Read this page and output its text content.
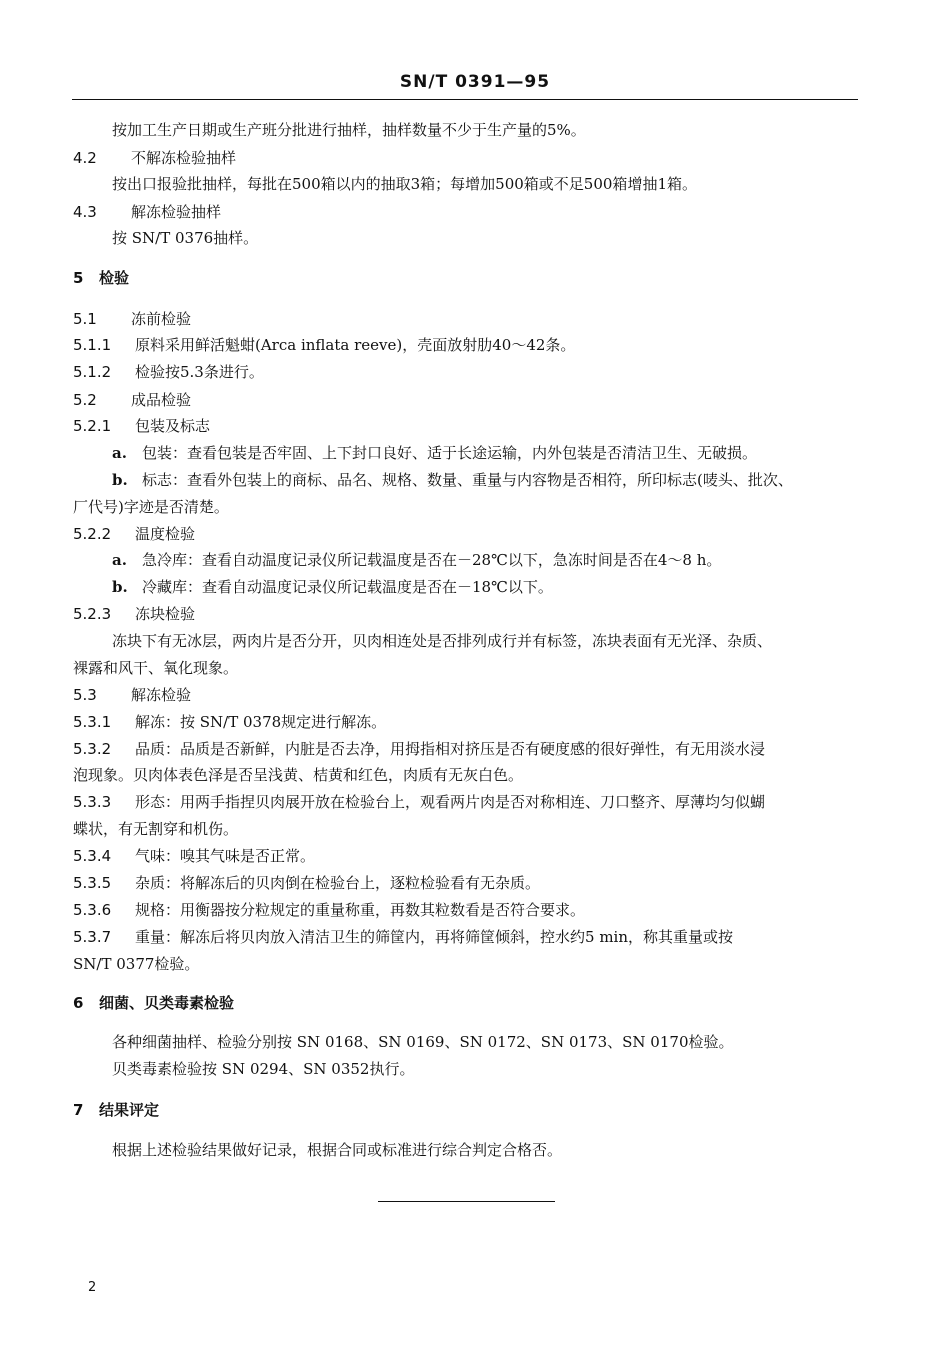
SN/T 0391—95
按加工生产日期或生产班分批进行抽样，抽样数量不少于生产量的5%。
4.2 不解冻检验抽样
按出口报验批抽样，每批在500箱以内的抽取3箱；每增加500箱或不足500箱增抽1箱。
4.3 解冻检验抽样
按 SN/T 0376抽样。
5 检验
5.1 冻前检验
5.1.1 原料采用鲜活魁蚶(Arca inflata reeve)，壳面放射肋40～42条。
5.1.2 检验按5.3条进行。
5.2 成品检验
5.2.1 包装及标志
a. 包装：查看包装是否牢固、上下封口良好、适于长途运输，内外包装是否清洁卫生、无破损。
b. 标志：查看外包装上的商标、品名、规格、数量、重量与内容物是否相符，所印标志(唛头、批次、
厂代号)字迹是否清楚。
5.2.2 温度检验
a. 急冷库：查看自动温度记录仪所记载温度是否在－28℃以下，急冻时间是否在4～8 h。
b. 冷藏库：查看自动温度记录仪所记载温度是否在－18℃以下。
5.2.3 冻块检验
冻块下有无冰层，两肉片是否分开，贝肉相连处是否排列成行并有标签，冻块表面有无光泽、杂质、
裸露和风干、氧化现象。
5.3 解冻检验
5.3.1 解冻：按 SN/T 0378规定进行解冻。
5.3.2 品质：品质是否新鲜，内脏是否去净，用拇指相对挤压是否有硬度感的很好弹性，有无用淡水浸
泡现象。贝肉体表色泽是否呈浅黄、桔黄和红色，肉质有无灰白色。
5.3.3 形态：用两手指捏贝肉展开放在检验台上，观看两片肉是否对称相连、刀口整齐、厚薄均匀似蝴
蝶状，有无割穿和机伤。
5.3.4 气味：嗅其气味是否正常。
5.3.5 杂质：将解冻后的贝肉倒在检验台上，逐粒检验看有无杂质。
5.3.6 规格：用衡器按分粒规定的重量称重，再数其粒数看是否符合要求。
5.3.7 重量：解冻后将贝肉放入清洁卫生的筛筐内，再将筛筐倾斜，控水约5 min，称其重量或按
SN/T 0377检验。
6 细菌、贝类毒素检验
各种细菌抽样、检验分别按 SN 0168、SN 0169、SN 0172、SN 0173、SN 0170检验。
贝类毒素检验按 SN 0294、SN 0352执行。
7 结果评定
根据上述检验结果做好记录，根据合同或标准进行综合判定合格否。
2
